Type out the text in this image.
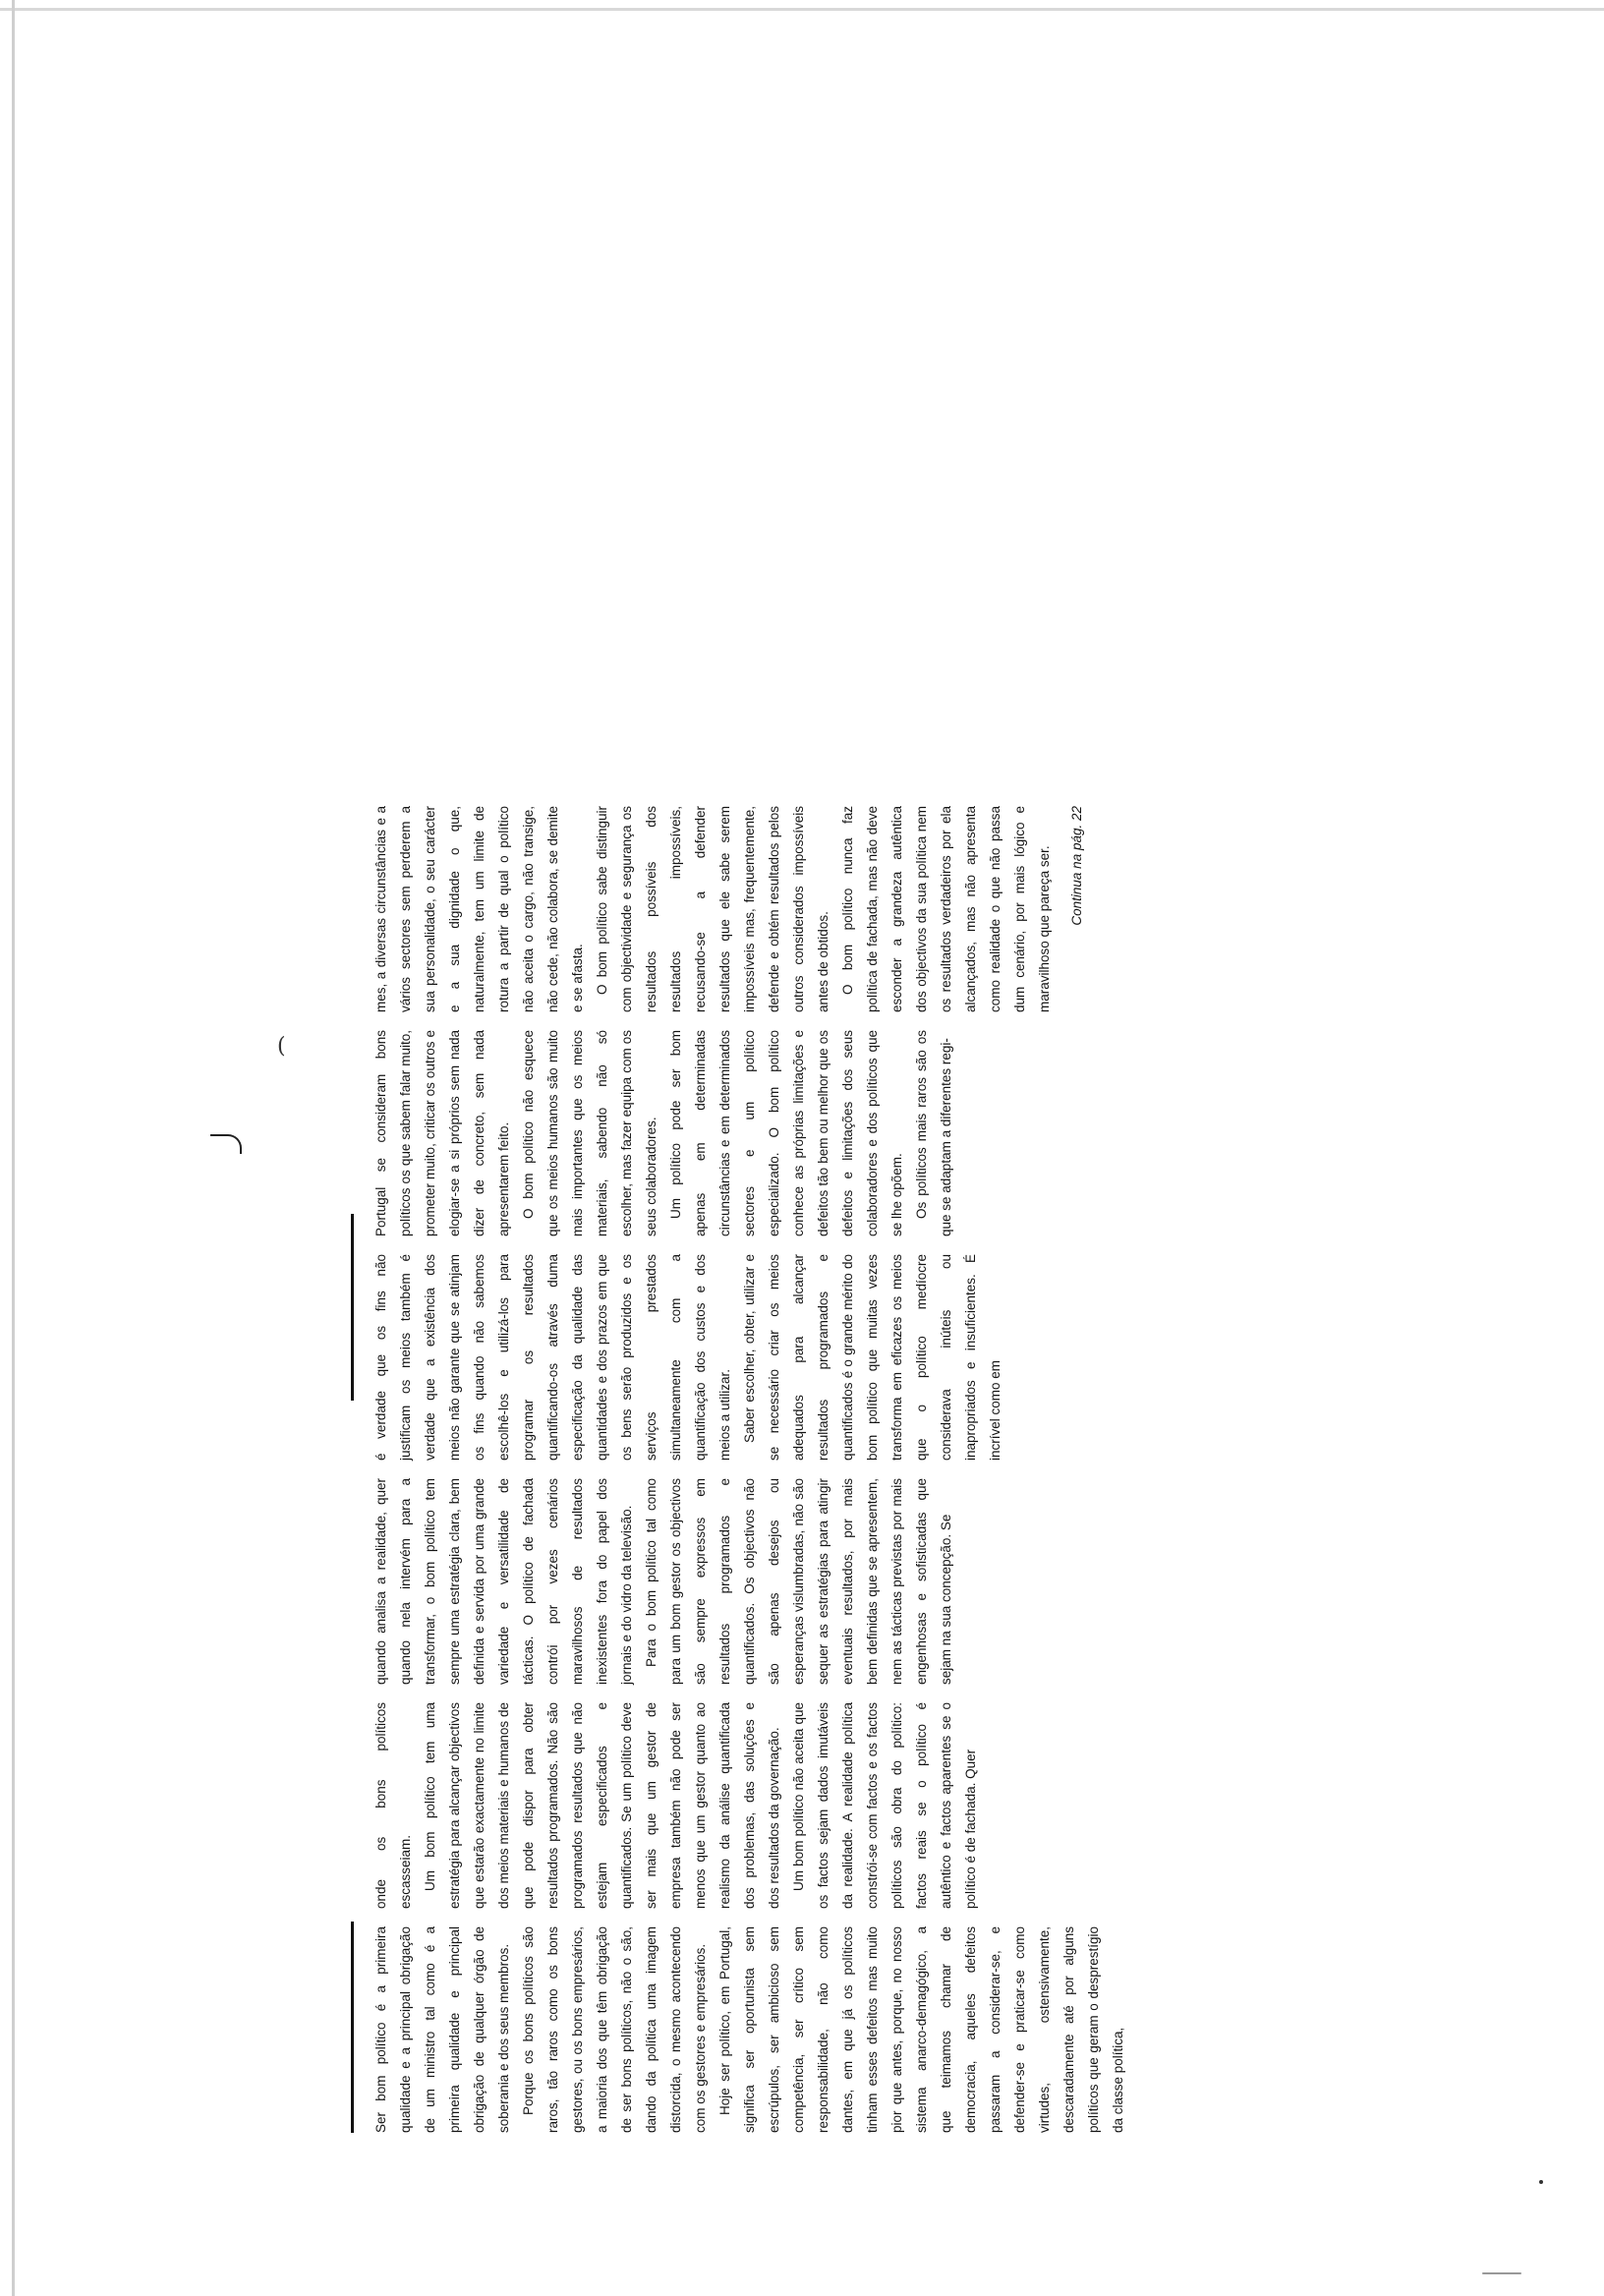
(

Ser bom político é a primeira qualidade e a principal obrigação de um ministro tal como é a primeira qualidade e principal obrigação de qualquer órgão de soberania e dos seus membros. Porque os bons políticos são raros, tão raros como os bons gestores, ou os bons empresários, a maioria dos que têm obrigação de ser bons políticos, não o são, dando da política uma imagem distorcida, o mesmo acontecendo com os gestores e empresários. Hoje ser político, em Portugal, significa ser oportunista sem escrúpulos, ser ambicioso sem competência, ser crítico sem responsabilidade, não como dantes, em que já os políticos tinham esses defeitos mas muito pior que antes, porque, no nosso sistema anarco-demagógico, a que teimamos chamar de democracia, aqueles defeitos passaram a considerar-se, e defender-se e praticar-se como virtudes, ostensivamente, descaradamente até por alguns políticos que geram o desprestígio da classe política,

onde os bons políticos escasseiam. Um bom político tem uma estratégia para alcançar objectivos que estarão exactamente no limite dos meios materiais e humanos de que pode dispor para obter resultados programados. Não são programados resultados que não estejam especificados e quantificados. Se um político deve ser mais que um gestor de empresa também não pode ser menos que um gestor quanto ao realismo da análise quantificada dos problemas, das soluções e dos resultados da governação. Um bom político não aceita que os factos sejam dados imutáveis da realidade. A realidade política constrói-se com factos e os factos políticos são obra do político: factos reais se o político é autêntico e factos aparentes se o político é de fachada. Quer

quando analisa a realidade, quer quando nela intervém para a transformar, o bom político tem sempre uma estratégia clara, bem definida e servida por uma grande variedade e versatilidade de tácticas. O político de fachada contrói por vezes cenários maravilhosos de resultados inexistentes fora do papel dos jornais e do vidro da televisão. Para o bom político tal como para um bom gestor os objectivos são sempre expressos em resultados programados e quantificados. Os objectivos não são apenas desejos ou esperanças vislumbradas, não são sequer as estratégias para atingir eventuais resultados, por mais bem definidas que se apresentem, nem as tácticas previstas por mais engenhosas e sofisticadas que sejam na sua concepção. Se

é verdade que os fins não justificam os meios também é verdade que a existência dos meios não garante que se atinjam os fins quando não sabemos escolhê-los e utilizá-los para programar os resultados quantificando-os através duma especificação da qualidade das quantidades e dos prazos em que os bens serão produzidos e os serviços prestados simultaneamente com a quantificação dos custos e dos meios a utilizar. Saber escolher, obter, utilizar e se necessário criar os meios adequados para alcançar resultados programados e quantificados é o grande mérito do bom político que muitas vezes transforma em eficazes os meios que o político medíocre considerava inúteis ou inapropriados e insuficientes. É incrível como em

Portugal se consideram bons políticos os que sabem falar muito, prometer muito, criticar os outros e elogiar-se a si próprios sem nada dizer de concreto, sem nada apresentarem feito. O bom político não esquece que os meios humanos são muito mais importantes que os meios materiais, sabendo não só escolher, mas fazer equipa com os seus colaboradores. Um político pode ser bom apenas em determinadas circunstâncias e em determinados sectores e um político especializado. O bom político conhece as próprias limitações e defeitos tão bem ou melhor que os defeitos e limitações dos seus colaboradores e dos políticos que se lhe opõem. Os políticos mais raros são os que se adaptam a diferentes regi-

mes, a diversas circunstâncias e a vários sectores sem perderem a sua personalidade, o seu carácter e a sua dignidade o que, naturalmente, tem um limite de rotura a partir de qual o político não aceita o cargo, não transige, não cede, não colabora, se demite e se afasta. O bom político sabe distinguir com objectividade e segurança os resultados possíveis dos resultados impossíveis, recusando-se a defender resultados que ele sabe serem impossíveis mas, frequentemente, defende e obtém resultados pelos outros considerados impossíveis antes de obtidos. O bom político nunca faz política de fachada, mas não deve esconder a grandeza autêntica dos objectivos da sua política nem os resultados verdadeiros por ela alcançados, mas não apresenta como realidade o que não passa dum cenário, por mais lógico e maravilhoso que pareça ser.	Continua na pág. 22
